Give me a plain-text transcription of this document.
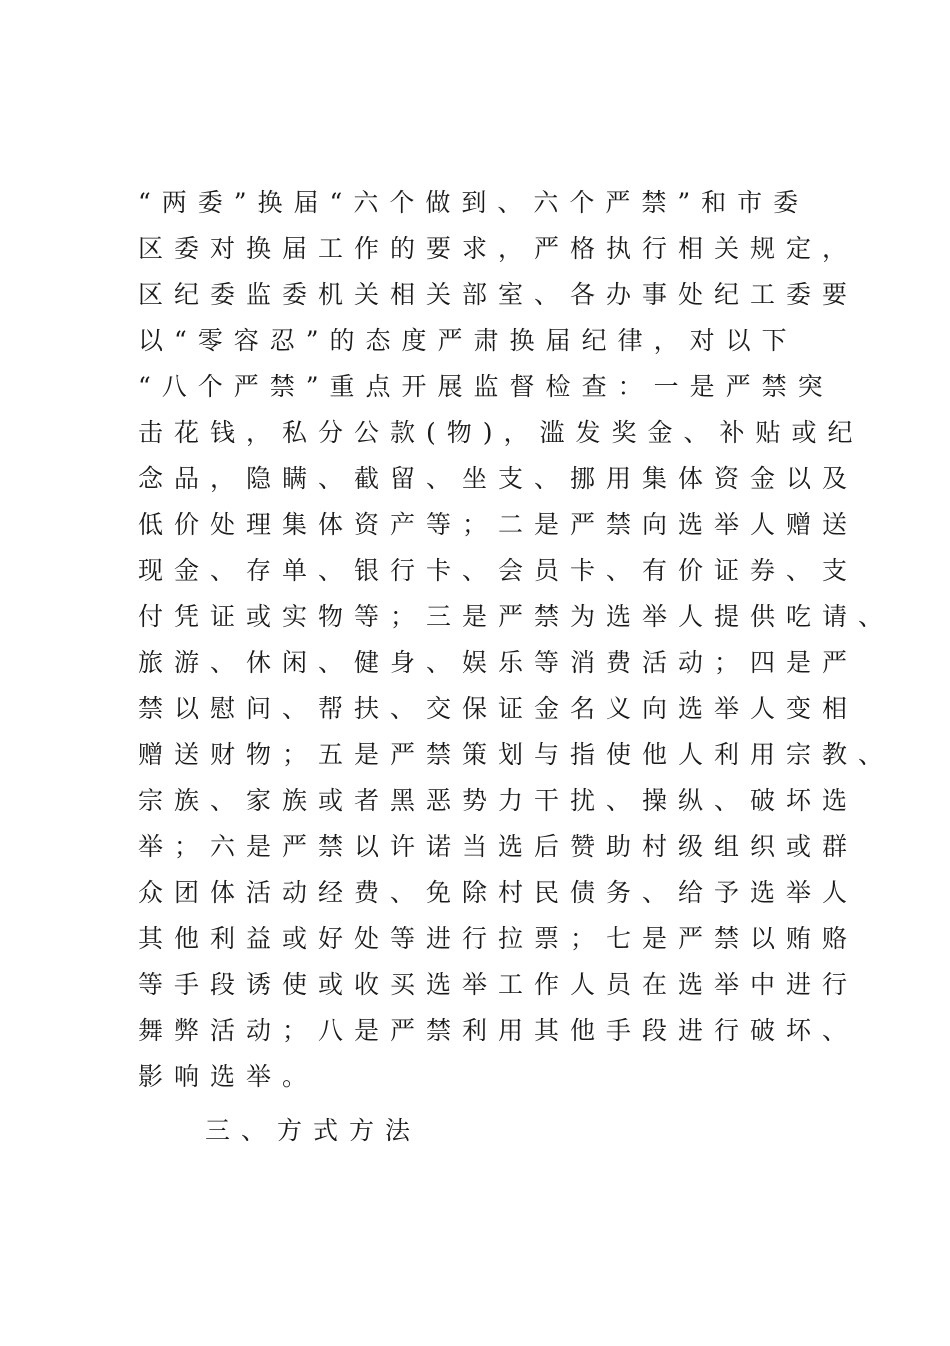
“两委”换届“六个做到、六个严禁”和市委
区委对换届工作的要求，严格执行相关规定，
区纪委监委机关相关部室、各办事处纪工委要
以“零容忍”的态度严肃换届纪律，对以下
“八个严禁”重点开展监督检查：一是严禁突
击花钱，私分公款(物)，滥发奖金、补贴或纪
念品，隐瞒、截留、坐支、挪用集体资金以及
低价处理集体资产等；二是严禁向选举人赠送
现金、存单、银行卡、会员卡、有价证券、支
付凭证或实物等；三是严禁为选举人提供吃请、
旅游、休闲、健身、娱乐等消费活动；四是严
禁以慰问、帮扶、交保证金名义向选举人变相
赠送财物；五是严禁策划与指使他人利用宗教、
宗族、家族或者黑恶势力干扰、操纵、破坏选
举；六是严禁以许诺当选后赞助村级组织或群
众团体活动经费、免除村民债务、给予选举人
其他利益或好处等进行拉票；七是严禁以贿赂
等手段诱使或收买选举工作人员在选举中进行
舞弊活动；八是严禁利用其他手段进行破坏、
影响选举。
三、方式方法
